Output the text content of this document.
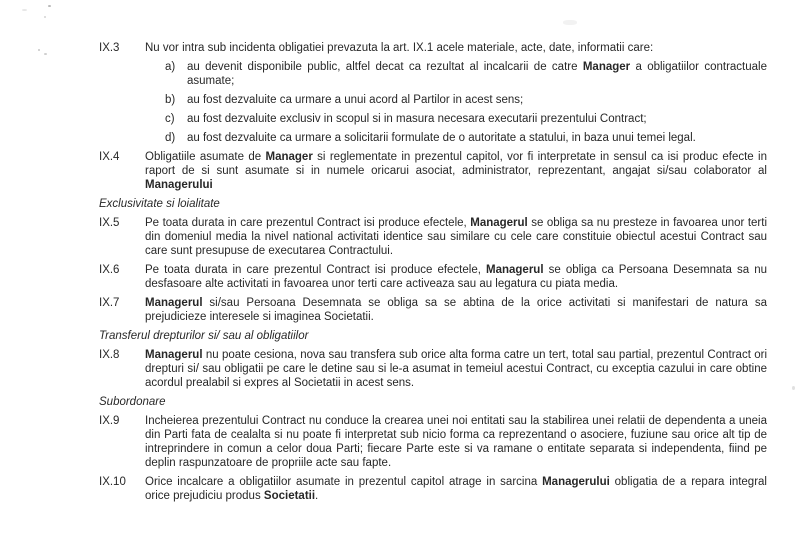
IX.3	Nu vor intra sub incidenta obligatiei prevazuta la art. IX.1 acele materiale, acte, date, informatii care:
a)	au devenit disponibile public, altfel decat ca rezultat al incalcarii de catre Manager a obligatiilor contractuale asumate;
b)	au fost dezvaluite ca urmare a unui acord al Partilor in acest sens;
c)	au fost dezvaluite exclusiv in scopul si in masura necesara executarii prezentului Contract;
d)	au fost dezvaluite ca urmare a solicitarii formulate de o autoritate a statului, in baza unui temei legal.
IX.4	Obligatiile asumate de Manager si reglementate in prezentul capitol, vor fi interpretate in sensul ca isi produc efecte in raport de si sunt asumate si in numele oricarui asociat, administrator, reprezentant, angajat si/sau colaborator al Managerului
Exclusivitate si loialitate
IX.5	Pe toata durata in care prezentul Contract isi produce efectele, Managerul se obliga sa nu presteze in favoarea unor terti din domeniul media la nivel national activitati identice sau similare cu cele care constituie obiectul acestui Contract sau care sunt presupuse de executarea Contractului.
IX.6	Pe toata durata in care prezentul Contract isi produce efectele, Managerul se obliga ca Persoana Desemnata sa nu desfasoare alte activitati in favoarea unor terti care activeaza sau au legatura cu piata media.
IX.7	Managerul si/sau Persoana Desemnata se obliga sa se abtina de la orice activitati si manifestari de natura sa prejudicieze interesele si imaginea Societatii.
Transferul drepturilor si/ sau al obligatiilor
IX.8	Managerul nu poate cesiona, nova sau transfera sub orice alta forma catre un tert, total sau partial, prezentul Contract ori drepturi si/ sau obligatii pe care le detine sau si le-a asumat in temeiul acestui Contract, cu exceptia cazului in care obtine acordul prealabil si expres al Societatii in acest sens.
Subordonare
IX.9	Incheierea prezentului Contract nu conduce la crearea unei noi entitati sau la stabilirea unei relatii de dependenta a uneia din Parti fata de cealalta si nu poate fi interpretat sub nicio forma ca reprezentand o asociere, fuziune sau orice alt tip de intreprindere in comun a celor doua Parti; fiecare Parte este si va ramane o entitate separata si independenta, fiind pe deplin raspunzatoare de propriile acte sau fapte.
IX.10	Orice incalcare a obligatiilor asumate in prezentul capitol atrage in sarcina Managerului obligatia de a repara integral orice prejudiciu produs Societatii.
